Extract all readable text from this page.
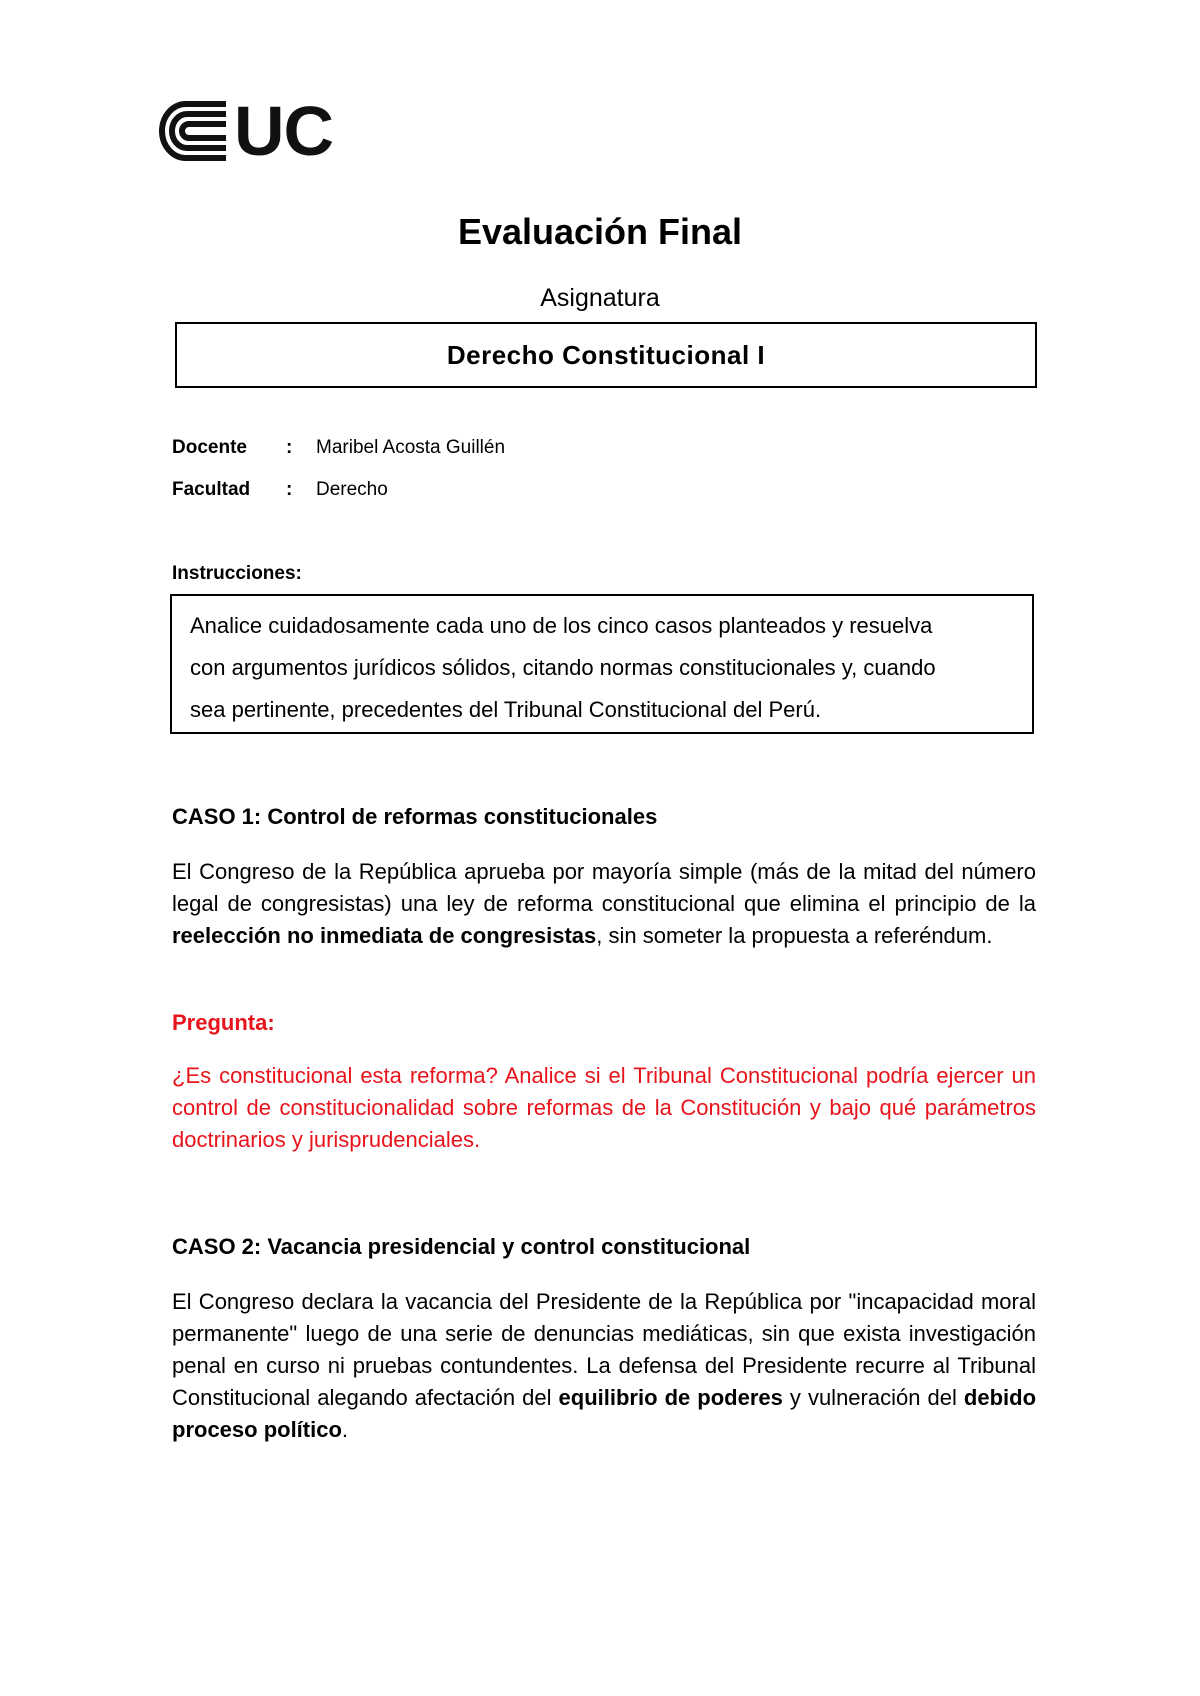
UC
Evaluación Final
Asignatura
Derecho Constitucional I
Docente : Maribel Acosta Guillén
Facultad : Derecho
Instrucciones:
Analice cuidadosamente cada uno de los cinco casos planteados y resuelva
con argumentos jurídicos sólidos, citando normas constitucionales y, cuando
sea pertinente, precedentes del Tribunal Constitucional del Perú.
CASO 1: Control de reformas constitucionales
El Congreso de la República aprueba por mayoría simple (más de la mitad del número legal de congresistas) una ley de reforma constitucional que elimina el principio de la reelección no inmediata de congresistas, sin someter la propuesta a referéndum.
Pregunta:
¿Es constitucional esta reforma? Analice si el Tribunal Constitucional podría ejercer un control de constitucionalidad sobre reformas de la Constitución y bajo qué parámetros doctrinarios y jurisprudenciales.
CASO 2: Vacancia presidencial y control constitucional
El Congreso declara la vacancia del Presidente de la República por "incapacidad moral permanente" luego de una serie de denuncias mediáticas, sin que exista investigación penal en curso ni pruebas contundentes. La defensa del Presidente recurre al Tribunal Constitucional alegando afectación del equilibrio de poderes y vulneración del debido proceso político.
